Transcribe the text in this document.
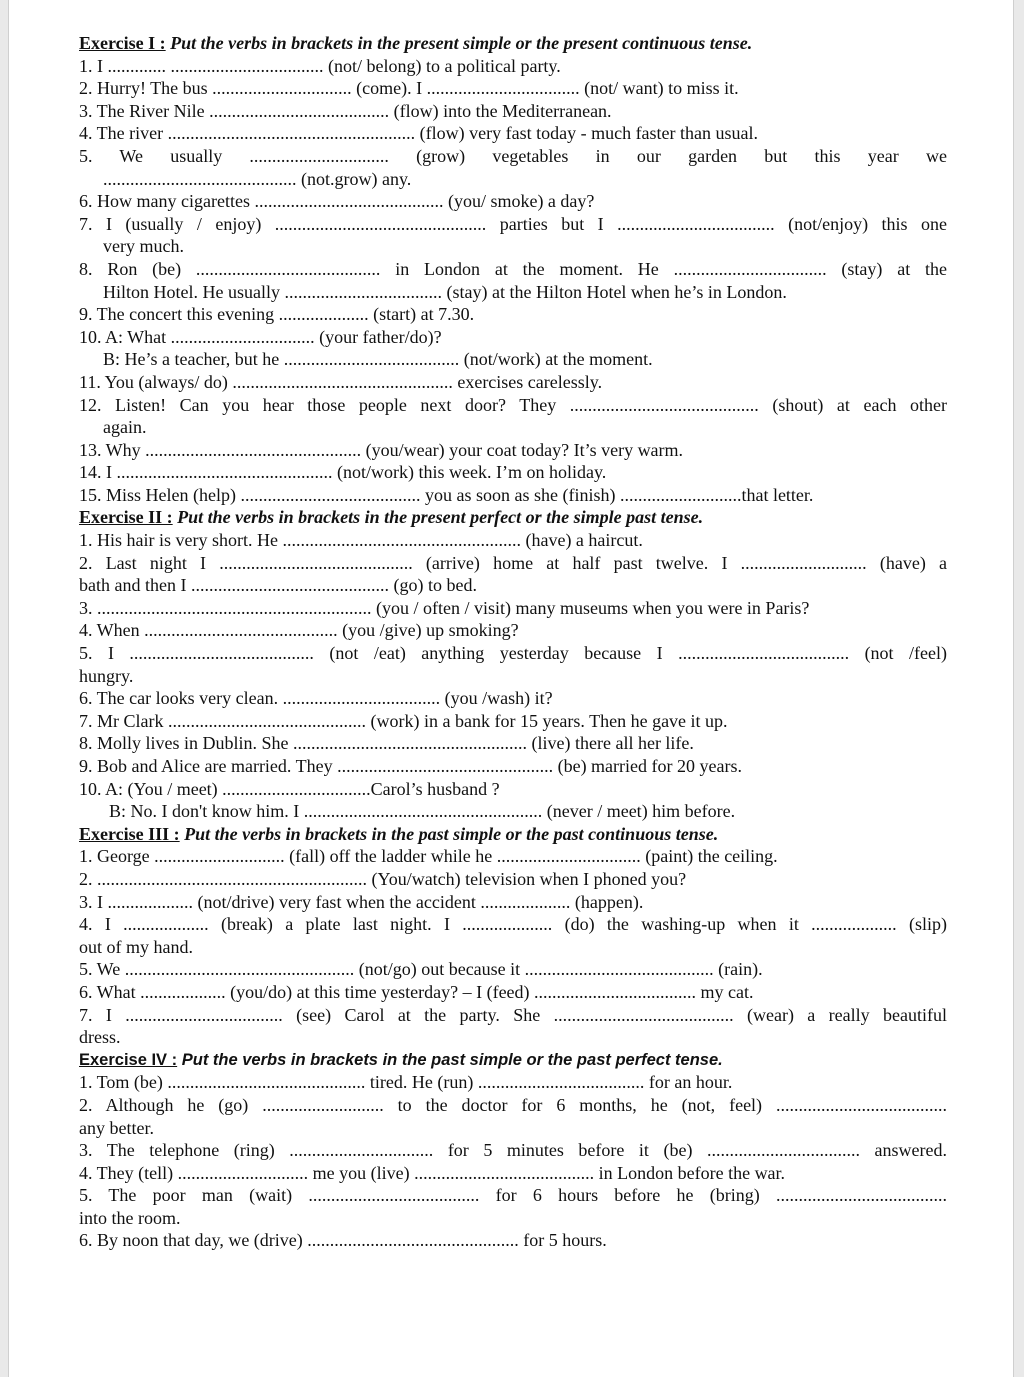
Exercise I : Put the verbs in brackets in the present simple or the present continuous tense.

1. I ............. .................................. (not/ belong) to a political party.

2. Hurry! The bus ............................... (come). I .................................. (not/ want) to miss it.

3. The River Nile ........................................ (flow) into the Mediterranean.

4. The river ....................................................... (flow) very fast today - much faster than usual.

5. We usually ............................... (grow) vegetables in our garden but this year we

........................................... (not.grow) any.

6. How many cigarettes .......................................... (you/ smoke) a day?

7. I (usually / enjoy) ............................................... parties but I ................................... (not/enjoy) this one

very much.

8. Ron (be) ......................................... in London at the moment. He .................................. (stay) at the

Hilton Hotel. He usually ................................... (stay) at the Hilton Hotel when he’s in London.

9. The concert this evening .................... (start) at 7.30.

10. A: What ................................ (your father/do)?

B: He’s a teacher, but he ....................................... (not/work) at the moment.

11. You (always/ do) ................................................. exercises carelessly.

12. Listen! Can you hear those people next door? They .......................................... (shout) at each other

again.

13. Why ................................................ (you/wear) your coat today? It’s very warm.

14. I ................................................ (not/work) this week. I’m on holiday.

15. Miss Helen (help) ........................................ you as soon as she (finish) ...........................that letter.

Exercise II : Put the verbs in brackets in the present perfect or the simple past tense.

1. His hair is very short. He ..................................................... (have) a haircut.

2. Last night I ........................................... (arrive) home at half past twelve. I ............................ (have) a

bath and then I ............................................ (go) to bed.

3. ............................................................. (you / often / visit) many museums when you were in Paris?

4. When ........................................... (you /give) up smoking?

5. I ......................................... (not /eat) anything yesterday because I ...................................... (not /feel)

hungry.

6. The car looks very clean. ................................... (you /wash) it?

7. Mr Clark ............................................ (work) in a bank for 15 years. Then he gave it up.

8. Molly lives in Dublin. She .................................................... (live) there all her life.

9. Bob and Alice are married. They ................................................ (be) married for 20 years.

10. A: (You / meet) .................................Carol’s husband ?

B: No. I don't know him. I ..................................................... (never / meet) him before.

Exercise III : Put the verbs in brackets in the past simple or the past continuous tense.

1. George ............................. (fall) off the ladder while he ................................ (paint) the ceiling.

2. ............................................................ (You/watch) television when I phoned you?

3. I ................... (not/drive) very fast when the accident .................... (happen).

4. I ................... (break) a plate last night. I .................... (do) the washing-up when it ................... (slip)

out of my hand.

5. We ................................................... (not/go) out because it .......................................... (rain).

6. What ................... (you/do) at this time yesterday? – I (feed) .................................... my cat.

7. I ................................... (see) Carol at the party. She ........................................ (wear) a really beautiful

dress.

Exercise IV : Put the verbs in brackets in the past simple or the past perfect tense.

1. Tom (be) ............................................ tired. He (run) ..................................... for an hour.

2. Although he (go) ........................... to the doctor for 6 months, he (not, feel) ......................................

any better.

3. The telephone (ring) ................................ for 5 minutes before it (be) .................................. answered.

4. They (tell) ............................. me you (live) ........................................ in London before the war.

5. The poor man (wait) ...................................... for 6 hours before he (bring) ......................................

into the room.

6. By noon that day, we (drive) ............................................... for 5 hours.
